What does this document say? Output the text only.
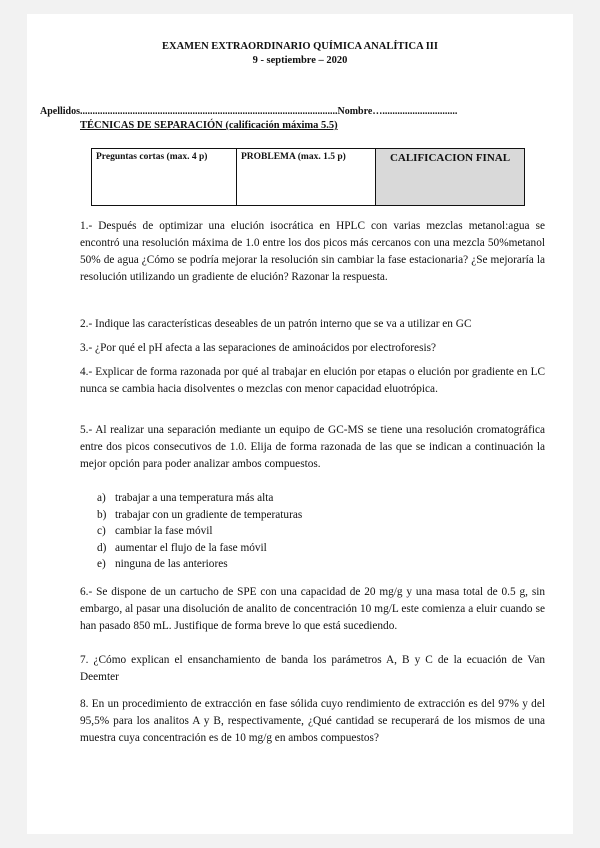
EXAMEN EXTRAORDINARIO QUÍMICA ANALÍTICA III
9 - septiembre – 2020
Apellidos.......................................................................................................Nombre…..............................
TÉCNICAS DE SEPARACIÓN (calificación máxima 5.5)
Preguntas cortas (max. 4 p)	PROBLEMA (max. 1.5 p)	CALIFICACION FINAL
1.- Después de optimizar una elución isocrática en HPLC con varias mezclas metanol:agua se encontró una resolución máxima de 1.0 entre los dos picos más cercanos con una mezcla 50%metanol 50% de agua ¿Cómo se podría mejorar la resolución sin cambiar la fase estacionaria? ¿Se mejoraría la resolución utilizando un gradiente de elución? Razonar la respuesta.
2.- Indique las características deseables de un patrón interno que se va a utilizar en GC
3.- ¿Por qué el pH afecta a las separaciones de aminoácidos por electroforesis?
4.- Explicar de forma razonada por qué al trabajar en elución por etapas o elución por gradiente en LC nunca se cambia hacia disolventes o mezclas con menor capacidad eluotrópica.
5.- Al realizar una separación mediante un equipo de GC-MS se tiene una resolución cromatográfica entre dos picos consecutivos de 1.0. Elija de forma razonada de las que se indican a continuación la mejor opción para poder analizar ambos compuestos.
a) trabajar a una temperatura más alta
b) trabajar con un gradiente de temperaturas
c) cambiar la fase móvil
d) aumentar el flujo de la fase móvil
e) ninguna de las anteriores
6.- Se dispone de un cartucho de SPE con una capacidad de 20 mg/g y una masa total de 0.5 g, sin embargo, al pasar una disolución de analito de concentración 10 mg/L este comienza a eluir cuando se han pasado 850 mL. Justifique de forma breve lo que está sucediendo.
7. ¿Cómo explican el ensanchamiento de banda los parámetros A, B y C de la ecuación de Van Deemter
8. En un procedimiento de extracción en fase sólida cuyo rendimiento de extracción es del 97% y del 95,5% para los analitos A y B, respectivamente, ¿Qué cantidad se recuperará de los mismos de una muestra cuya concentración es de 10 mg/g en ambos compuestos?
